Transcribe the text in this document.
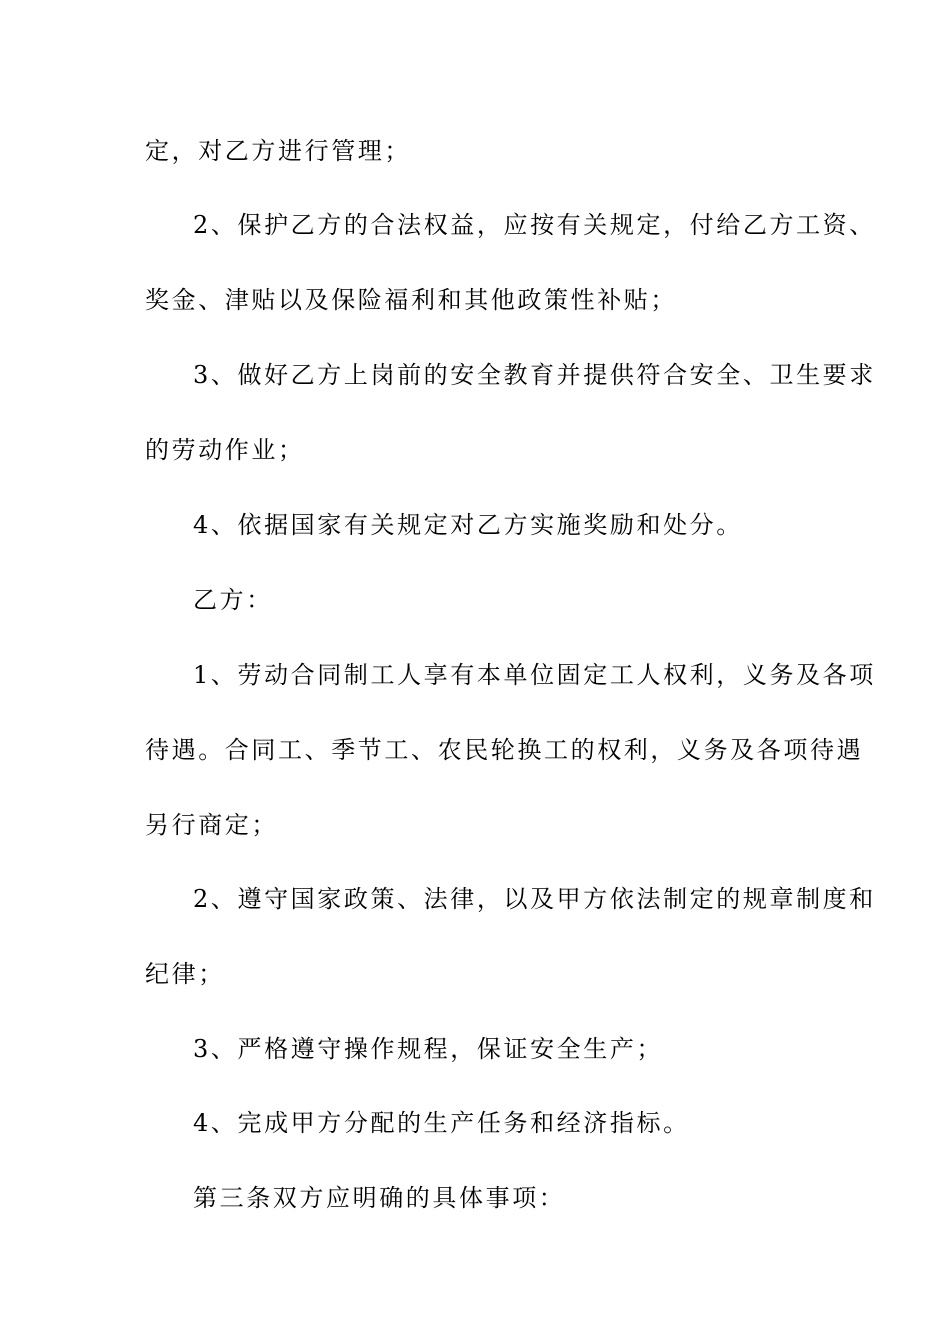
定，对乙方进行管理；
2、保护乙方的合法权益，应按有关规定，付给乙方工资、
奖金、津贴以及保险福利和其他政策性补贴；
3、做好乙方上岗前的安全教育并提供符合安全、卫生要求
的劳动作业；
4、依据国家有关规定对乙方实施奖励和处分。
乙方：
1、劳动合同制工人享有本单位固定工人权利，义务及各项
待遇。合同工、季节工、农民轮换工的权利，义务及各项待遇
另行商定；
2、遵守国家政策、法律，以及甲方依法制定的规章制度和
纪律；
3、严格遵守操作规程，保证安全生产；
4、完成甲方分配的生产任务和经济指标。
第三条双方应明确的具体事项：
